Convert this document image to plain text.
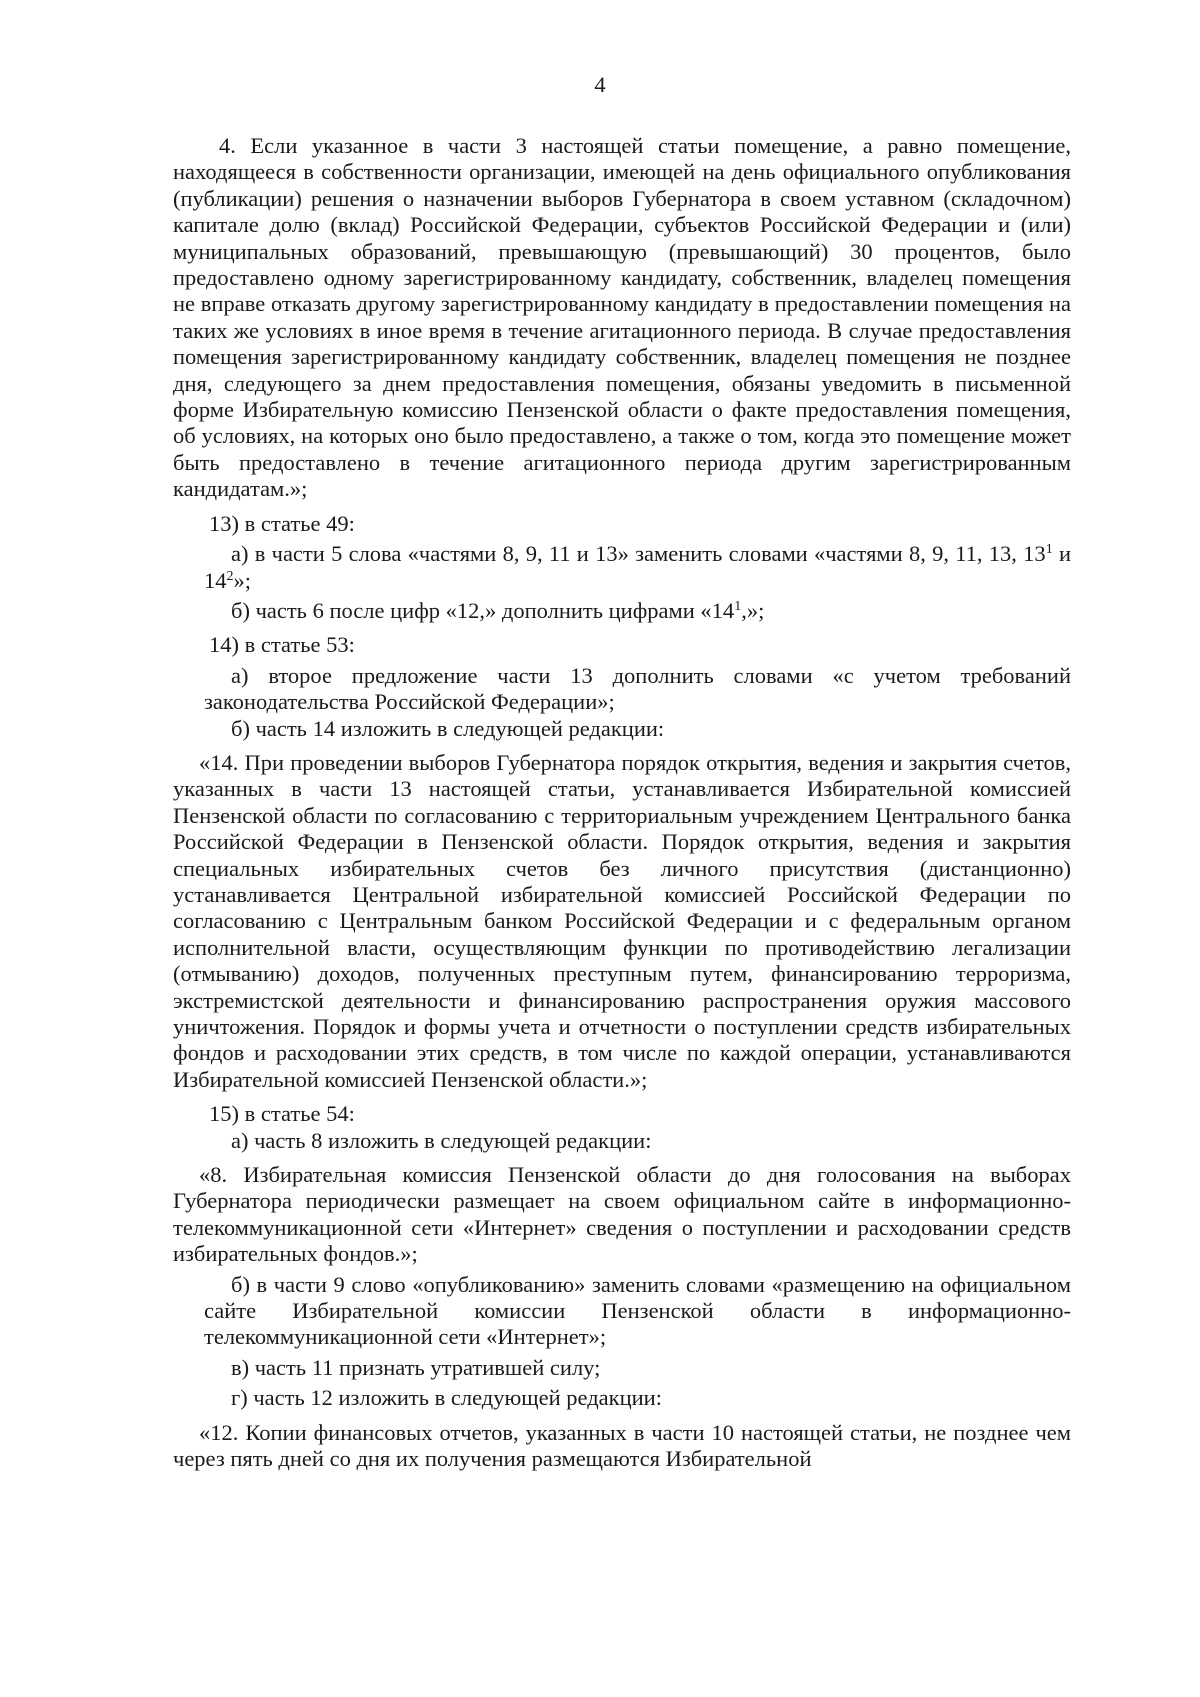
4

4. Если указанное в части 3 настоящей статьи помещение, а равно помещение, находящееся в собственности организации, имеющей на день официального опубликования (публикации) решения о назначении выборов Губернатора в своем уставном (складочном) капитале долю (вклад) Российской Федерации, субъектов Российской Федерации и (или) муниципальных образований, превышающую (превышающий) 30 процентов, было предоставлено одному зарегистрированному кандидату, собственник, владелец помещения не вправе отказать другому зарегистрированному кандидату в предоставлении помещения на таких же условиях в иное время в течение агитационного периода. В случае предоставления помещения зарегистрированному кандидату собственник, владелец помещения не позднее дня, следующего за днем предоставления помещения, обязаны уведомить в письменной форме Избирательную комиссию Пензенской области о факте предоставления помещения, об условиях, на которых оно было предоставлено, а также о том, когда это помещение может быть предоставлено в течение агитационного периода другим зарегистрированным кандидатам.»;

13) в статье 49:

а) в части 5 слова «частями 8, 9, 11 и 13» заменить словами «частями 8, 9, 11, 13, $13^1$ и $14^2$»;

б) часть 6 после цифр «12,» дополнить цифрами «$14^1$,»;

14) в статье 53:

а) второе предложение части 13 дополнить словами «с учетом требований законодательства Российской Федерации»;

б) часть 14 изложить в следующей редакции:

«14. При проведении выборов Губернатора порядок открытия, ведения и закрытия счетов, указанных в части 13 настоящей статьи, устанавливается Избирательной комиссией Пензенской области по согласованию с территориальным учреждением Центрального банка Российской Федерации в Пензенской области. Порядок открытия, ведения и закрытия специальных избирательных счетов без личного присутствия (дистанционно) устанавливается Центральной избирательной комиссией Российской Федерации по согласованию с Центральным банком Российской Федерации и с федеральным органом исполнительной власти, осуществляющим функции по противодействию легализации (отмыванию) доходов, полученных преступным путем, финансированию терроризма, экстремистской деятельности и финансированию распространения оружия массового уничтожения. Порядок и формы учета и отчетности о поступлении средств избирательных фондов и расходовании этих средств, в том числе по каждой операции, устанавливаются Избирательной комиссией Пензенской области.»;

15) в статье 54:

а) часть 8 изложить в следующей редакции:

«8. Избирательная комиссия Пензенской области до дня голосования на выборах Губернатора периодически размещает на своем официальном сайте в информационно-телекоммуникационной сети «Интернет» сведения о поступлении и расходовании средств избирательных фондов.»;

б) в части 9 слово «опубликованию» заменить словами «размещению на официальном сайте Избирательной комиссии Пензенской области в информационно-телекоммуникационной сети «Интернет»;

в) часть 11 признать утратившей силу;

г) часть 12 изложить в следующей редакции:

«12. Копии финансовых отчетов, указанных в части 10 настоящей статьи, не позднее чем через пять дней со дня их получения размещаются Избирательной
